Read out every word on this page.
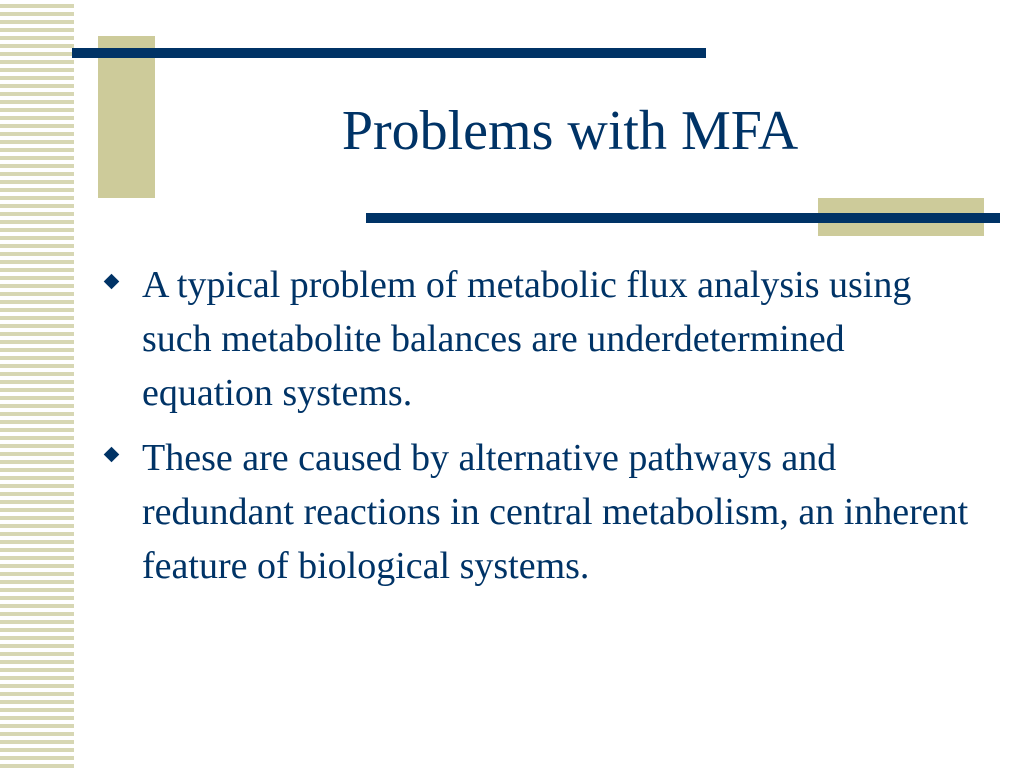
Problems with MFA
A typical problem of metabolic flux analysis using such metabolite balances are underdetermined equation systems.
These are caused by alternative pathways and redundant reactions in central metabolism, an inherent feature of biological systems.
